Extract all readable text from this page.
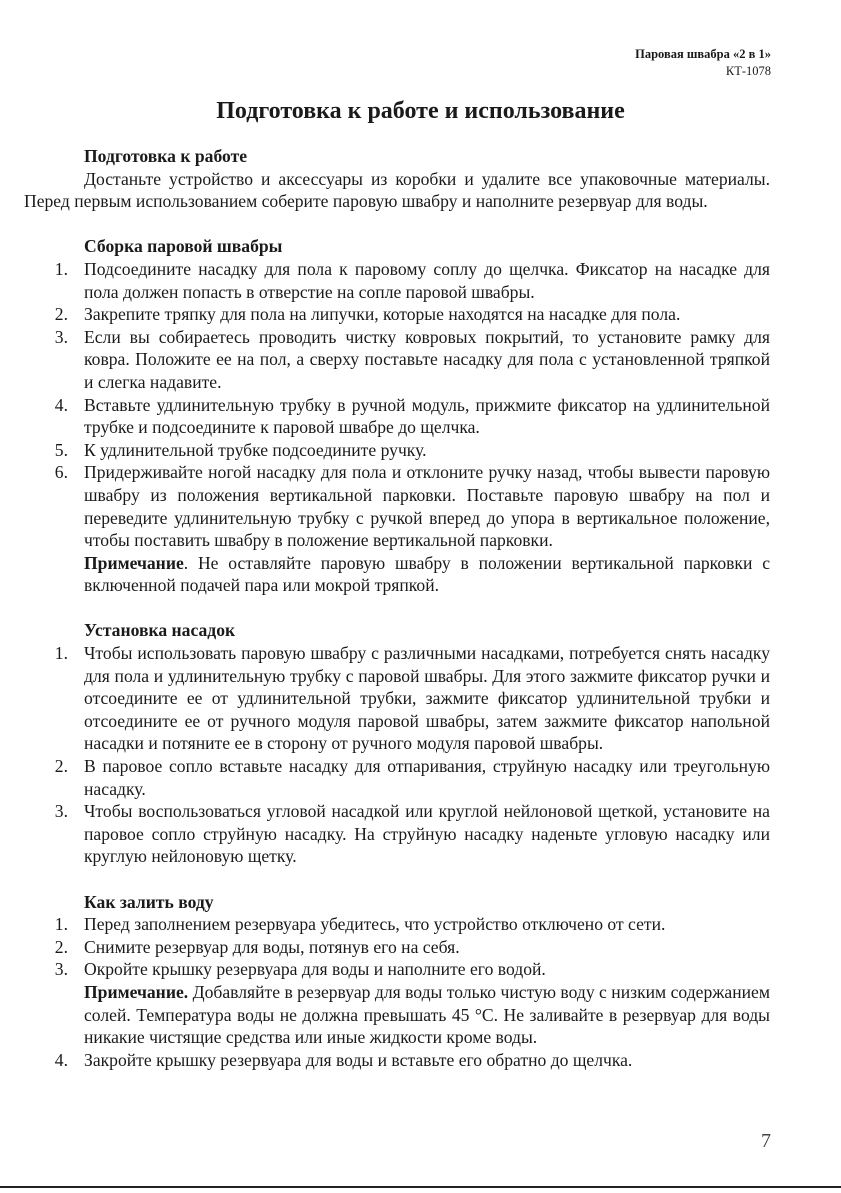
Паровая швабра «2 в 1»
КТ-1078
Подготовка к работе и использование
Подготовка к работе

Достаньте устройство и аксессуары из коробки и удалите все упаковочные материалы. Перед первым использованием соберите паровую швабру и наполните резервуар для воды.

Сборка паровой швабры
1. Подсоедините насадку для пола к паровому соплу до щелчка. Фиксатор на насадке для пола должен попасть в отверстие на сопле паровой швабры.
2. Закрепите тряпку для пола на липучки, которые находятся на насадке для пола.
3. Если вы собираетесь проводить чистку ковровых покрытий, то установите рамку для ковра. Положите ее на пол, а сверху поставьте насадку для пола с установленной тряпкой и слегка надавите.
4. Вставьте удлинительную трубку в ручной модуль, прижмите фиксатор на удлинительной трубке и подсоедините к паровой швабре до щелчка.
5. К удлинительной трубке подсоедините ручку.
6. Придерживайте ногой насадку для пола и отклоните ручку назад, чтобы вывести паровую швабру из положения вертикальной парковки. Поставьте паровую швабру на пол и переведите удлинительную трубку с ручкой вперед до упора в вертикальное положение, чтобы поставить швабру в положение вертикальной парковки.
Примечание. Не оставляйте паровую швабру в положении вертикальной парковки с включенной подачей пара или мокрой тряпкой.
Установка насадок
1. Чтобы использовать паровую швабру с различными насадками, потребуется снять насадку для пола и удлинительную трубку с паровой швабры. Для этого зажмите фиксатор ручки и отсоедините ее от удлинительной трубки, зажмите фиксатор удлинительной трубки и отсоедините ее от ручного модуля паровой швабры, затем зажмите фиксатор напольной насадки и потяните ее в сторону от ручного модуля паровой швабры.
2. В паровое сопло вставьте насадку для отпаривания, струйную насадку или треугольную насадку.
3. Чтобы воспользоваться угловой насадкой или круглой нейлоновой щеткой, установите на паровое сопло струйную насадку. На струйную насадку наденьте угловую насадку или круглую нейлоновую щетку.
Как залить воду
1. Перед заполнением резервуара убедитесь, что устройство отключено от сети.
2. Снимите резервуар для воды, потянув его на себя.
3. Окройте крышку резервуара для воды и наполните его водой.
Примечание. Добавляйте в резервуар для воды только чистую воду с низким содержанием солей. Температура воды не должна превышать 45 °С. Не заливайте в резервуар для воды никакие чистящие средства или иные жидкости кроме воды.
4. Закройте крышку резервуара для воды и вставьте его обратно до щелчка.
7
